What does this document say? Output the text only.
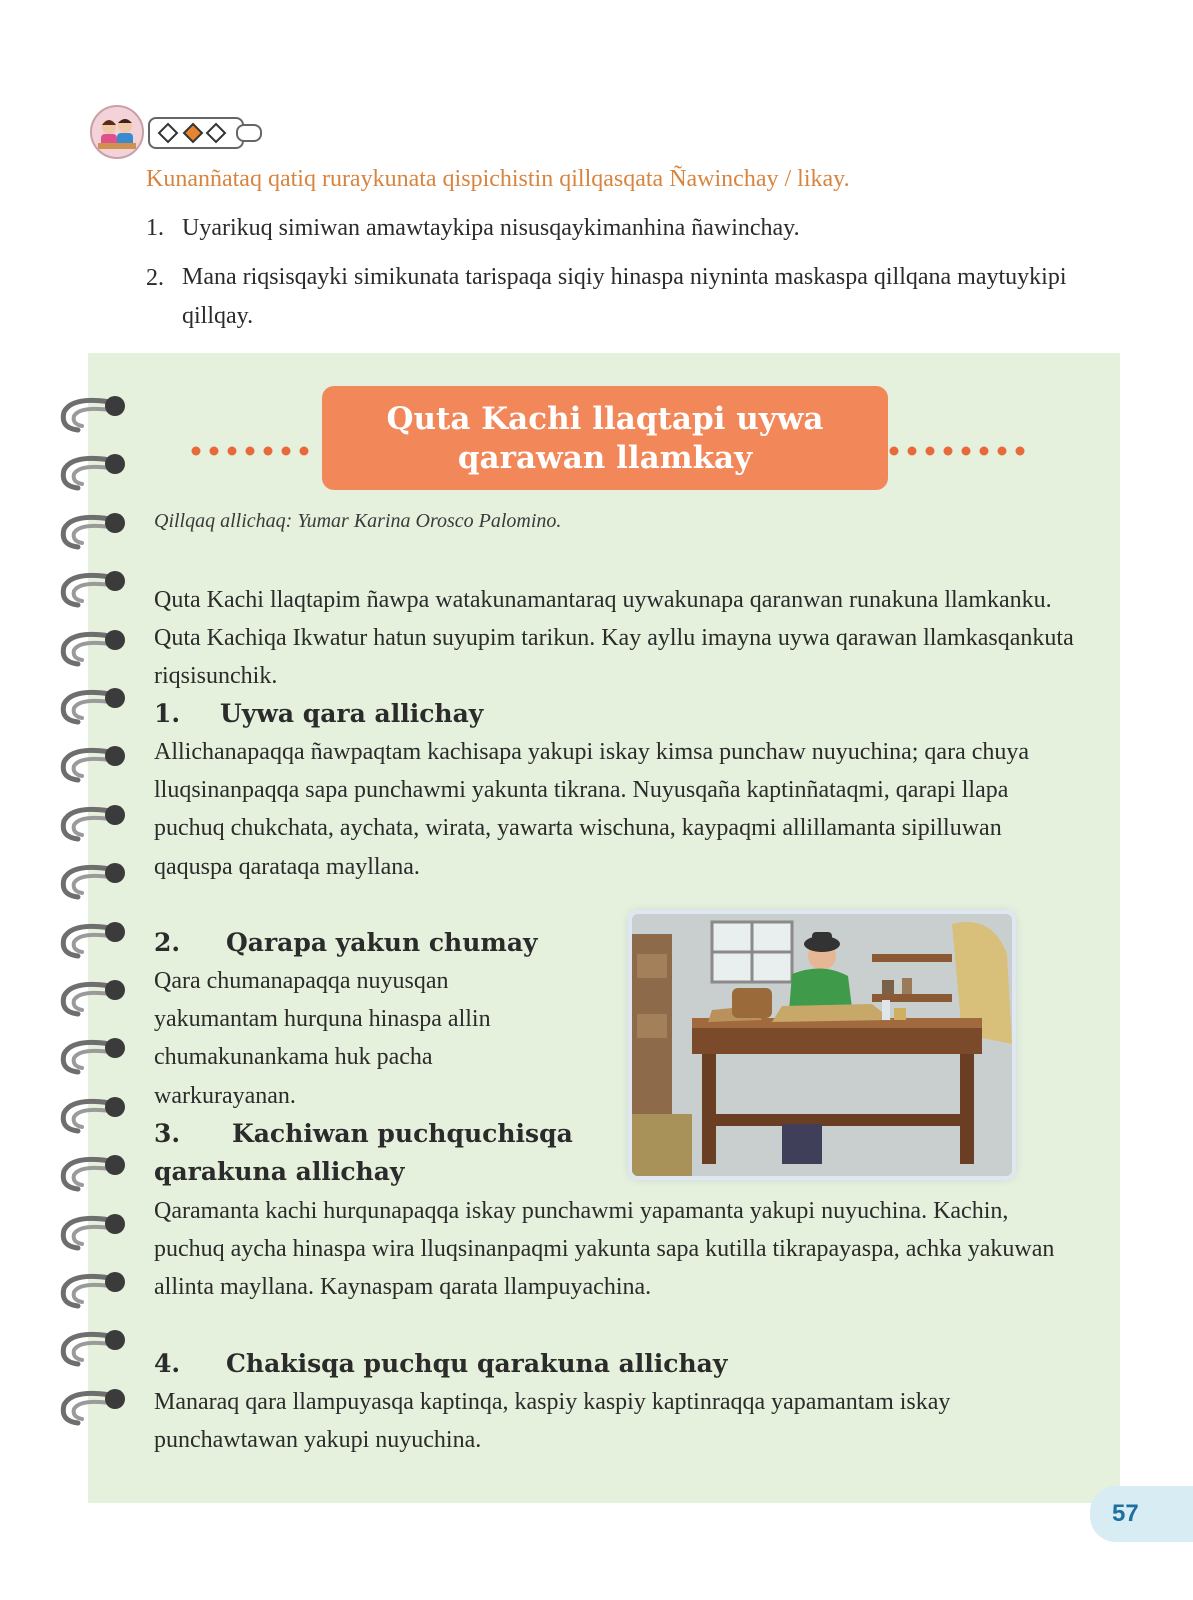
Kunanñataq qatiq ruraykunata qispichistin qillqasqata Ñawinchay / likay.
1. Uyarikuq simiwan amawtaykipa nisusqaykimanhina ñawinchay.
2. Mana riqsisqayki simikunata tarispaqa siqiy hinaspa niyninta maskaspa qillqana maytuykipi qillqay.
Quta Kachi llaqtapi uywa
qarawan llamkay
Qillqaq allichaq: Yumar Karina Orosco Palomino.
Quta Kachi llaqtapim ñawpa watakunamantaraq uywakunapa qaranwan runakuna llamkanku. Quta Kachiqa Ikwatur hatun suyupim tarikun. Kay ayllu imayna uywa qarawan llamkasqankuta riqsisunchik.
1. Uywa qara allichay
Allichanapaqqa ñawpaqtam kachisapa yakupi iskay kimsa punchaw nuyuchina; qara chuya lluqsinanpaqqa sapa punchawmi yakunta tikrana. Nuyusqaña kaptinñataqmi, qarapi llapa puchuq chukchata, aychata, wirata, yawarta wischuna, kaypaqmi allillamanta sipilluwan qaquspa qarataqa mayllana.
2. Qarapa yakun chumay
Qara chumanapaqqa nuyusqan yakumantam hurquna hinaspa allin chumakunankama huk pacha warkurayanan.
3. Kachiwan puchquchisqa
qarakuna allichay
Qaramanta kachi hurqunapaqqa iskay punchawmi yapamanta yakupi nuyuchina. Kachin, puchuq aycha hinaspa wira lluqsinanpaqmi yakunta sapa kutilla tikrapayaspa, achka yakuwan allinta mayllana. Kaynaspam qarata llampuyachina.
4. Chakisqa puchqu qarakuna allichay
Manaraq qara llampuyasqa kaptinqa, kaspiy kaspiy kaptinraqqa yapamantam iskay punchawtawan yakupi nuyuchina.
57
